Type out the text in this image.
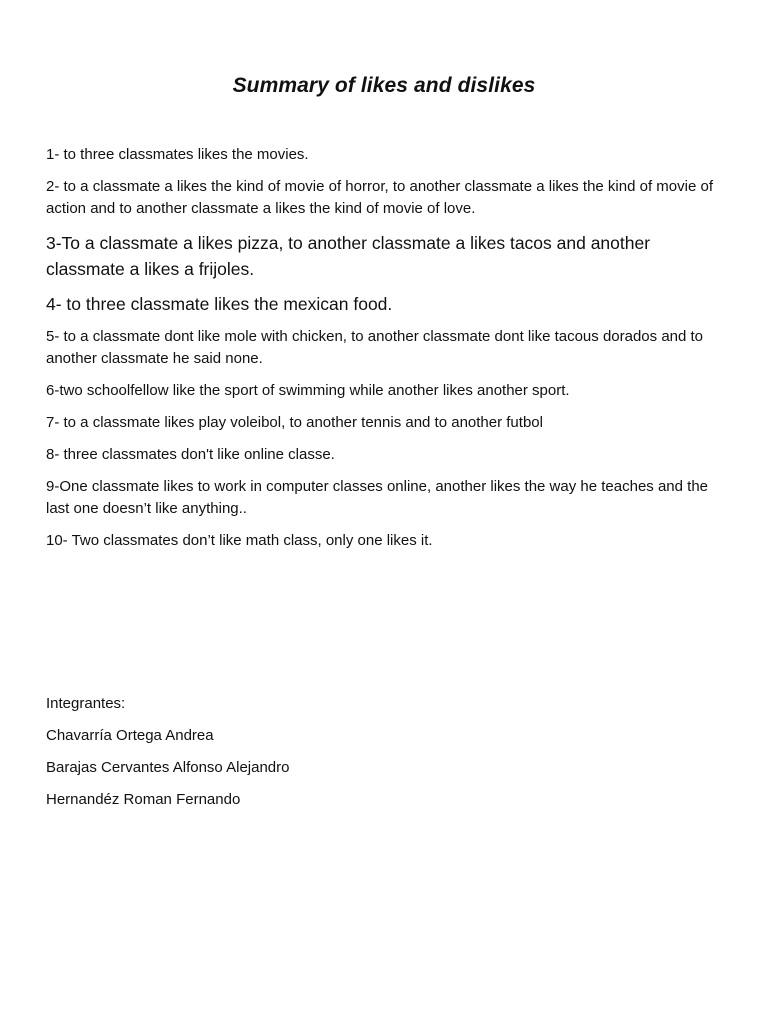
Summary of likes and dislikes

1- to three classmates likes the movies.

2- to a classmate a likes the kind of movie of horror, to another classmate a likes the kind of movie of action and to another classmate a likes the kind of movie of love.

3-To a classmate a likes pizza, to another classmate a likes tacos and another classmate a likes a frijoles.

4- to three classmate likes the mexican food.

5- to a classmate dont like mole with chicken, to another classmate dont like tacous dorados and to another classmate he said none.

6-two schoolfellow like the sport of swimming while another likes another sport.

7- to a classmate likes play voleibol, to another tennis and to another futbol

8- three classmates don't like online classe.

9-One classmate likes to work in computer classes online, another likes the way he teaches and the last one doesn’t like anything..

10- Two classmates don’t like math class, only one likes it.

Integrantes:

Chavarría Ortega Andrea

Barajas Cervantes Alfonso Alejandro

Hernandéz Roman Fernando
